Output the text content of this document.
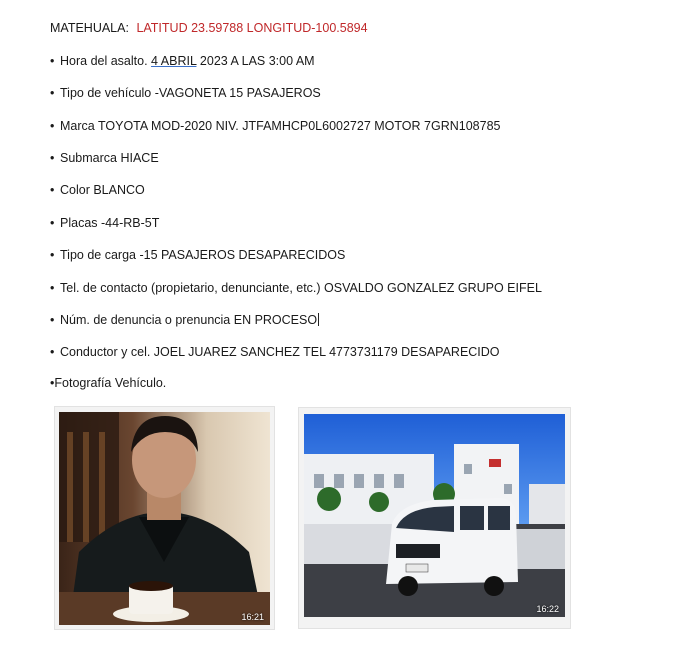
MATEHUALA: LATITUD 23.59788 LONGITUD-100.5894
• Hora del asalto. 4 ABRIL 2023 A LAS 3:00 AM
• Tipo de vehículo -VAGONETA 15 PASAJEROS
• Marca TOYOTA MOD-2020 NIV. JTFAMHCP0L6002727 MOTOR 7GRN108785
• Submarca HIACE
• Color BLANCO
• Placas -44-RB-5T
• Tipo de carga -15 PASAJEROS DESAPARECIDOS
• Tel. de contacto (propietario, denunciante, etc.) OSVALDO GONZALEZ GRUPO EIFEL
• Núm. de denuncia o prenuncia EN PROCESO
• Conductor y cel. JOEL JUAREZ SANCHEZ TEL 4773731179 DESAPARECIDO
•Fotografía Vehículo.
16:21
16:22
